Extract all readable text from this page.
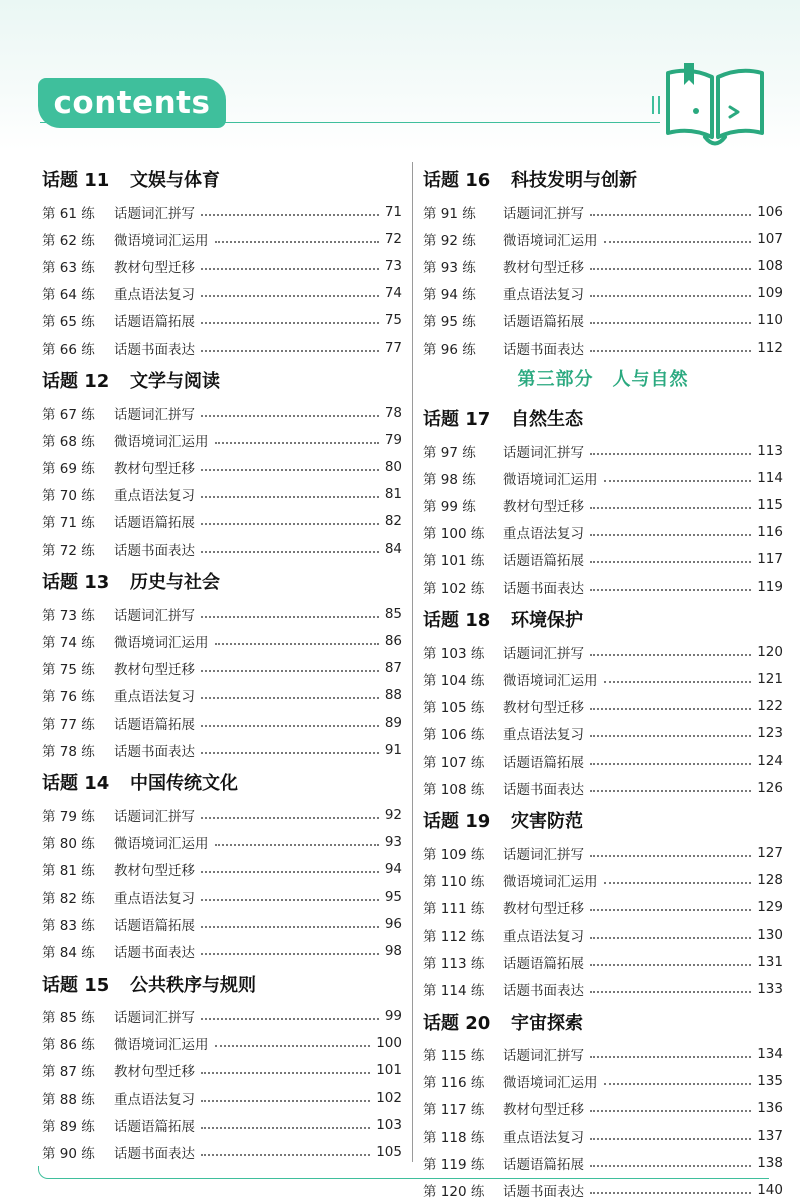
contents
话题 11	文娱与体育
第 61 练	话题词汇拼写	71
第 62 练	微语境词汇运用	72
第 63 练	教材句型迁移	73
第 64 练	重点语法复习	74
第 65 练	话题语篇拓展	75
第 66 练	话题书面表达	77
话题 12	文学与阅读
第 67 练	话题词汇拼写	78
第 68 练	微语境词汇运用	79
第 69 练	教材句型迁移	80
第 70 练	重点语法复习	81
第 71 练	话题语篇拓展	82
第 72 练	话题书面表达	84
话题 13	历史与社会
第 73 练	话题词汇拼写	85
第 74 练	微语境词汇运用	86
第 75 练	教材句型迁移	87
第 76 练	重点语法复习	88
第 77 练	话题语篇拓展	89
第 78 练	话题书面表达	91
话题 14	中国传统文化
第 79 练	话题词汇拼写	92
第 80 练	微语境词汇运用	93
第 81 练	教材句型迁移	94
第 82 练	重点语法复习	95
第 83 练	话题语篇拓展	96
第 84 练	话题书面表达	98
话题 15	公共秩序与规则
第 85 练	话题词汇拼写	99
第 86 练	微语境词汇运用	100
第 87 练	教材句型迁移	101
第 88 练	重点语法复习	102
第 89 练	话题语篇拓展	103
第 90 练	话题书面表达	105
话题 16	科技发明与创新
第 91 练	话题词汇拼写	106
第 92 练	微语境词汇运用	107
第 93 练	教材句型迁移	108
第 94 练	重点语法复习	109
第 95 练	话题语篇拓展	110
第 96 练	话题书面表达	112
第三部分　人与自然
话题 17	自然生态
第 97 练	话题词汇拼写	113
第 98 练	微语境词汇运用	114
第 99 练	教材句型迁移	115
第 100 练	重点语法复习	116
第 101 练	话题语篇拓展	117
第 102 练	话题书面表达	119
话题 18	环境保护
第 103 练	话题词汇拼写	120
第 104 练	微语境词汇运用	121
第 105 练	教材句型迁移	122
第 106 练	重点语法复习	123
第 107 练	话题语篇拓展	124
第 108 练	话题书面表达	126
话题 19	灾害防范
第 109 练	话题词汇拼写	127
第 110 练	微语境词汇运用	128
第 111 练	教材句型迁移	129
第 112 练	重点语法复习	130
第 113 练	话题语篇拓展	131
第 114 练	话题书面表达	133
话题 20	宇宙探索
第 115 练	话题词汇拼写	134
第 116 练	微语境词汇运用	135
第 117 练	教材句型迁移	136
第 118 练	重点语法复习	137
第 119 练	话题语篇拓展	138
第 120 练	话题书面表达	140
